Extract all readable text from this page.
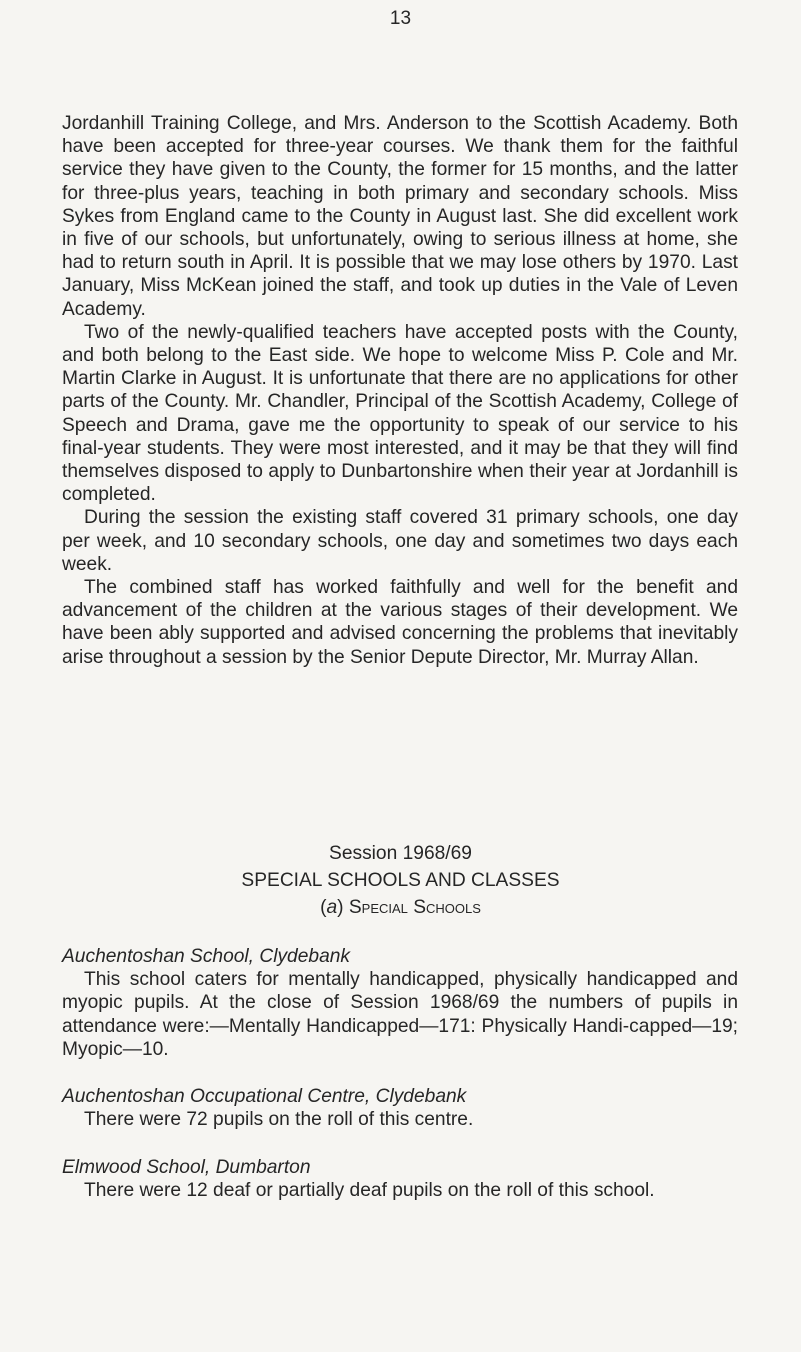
13

Jordanhill Training College, and Mrs. Anderson to the Scottish Academy. Both have been accepted for three-year courses. We thank them for the faithful service they have given to the County, the former for 15 months, and the latter for three-plus years, teaching in both primary and secondary schools. Miss Sykes from England came to the County in August last. She did excellent work in five of our schools, but unfortunately, owing to serious illness at home, she had to return south in April. It is possible that we may lose others by 1970. Last January, Miss McKean joined the staff, and took up duties in the Vale of Leven Academy.

Two of the newly-qualified teachers have accepted posts with the County, and both belong to the East side. We hope to welcome Miss P. Cole and Mr. Martin Clarke in August. It is unfortunate that there are no applications for other parts of the County. Mr. Chandler, Principal of the Scottish Academy, College of Speech and Drama, gave me the opportunity to speak of our service to his final-year students. They were most interested, and it may be that they will find themselves disposed to apply to Dunbartonshire when their year at Jordanhill is completed.

During the session the existing staff covered 31 primary schools, one day per week, and 10 secondary schools, one day and sometimes two days each week.

The combined staff has worked faithfully and well for the benefit and advancement of the children at the various stages of their development. We have been ably supported and advised concerning the problems that inevitably arise throughout a session by the Senior Depute Director, Mr. Murray Allan.

Session 1968/69
SPECIAL SCHOOLS AND CLASSES
(a) Special Schools

Auchentoshan School, Clydebank

This school caters for mentally handicapped, physically handicapped and myopic pupils. At the close of Session 1968/69 the numbers of pupils in attendance were:—Mentally Handicapped—171: Physically Handi-capped—19; Myopic—10.

Auchentoshan Occupational Centre, Clydebank

There were 72 pupils on the roll of this centre.

Elmwood School, Dumbarton

There were 12 deaf or partially deaf pupils on the roll of this school.
